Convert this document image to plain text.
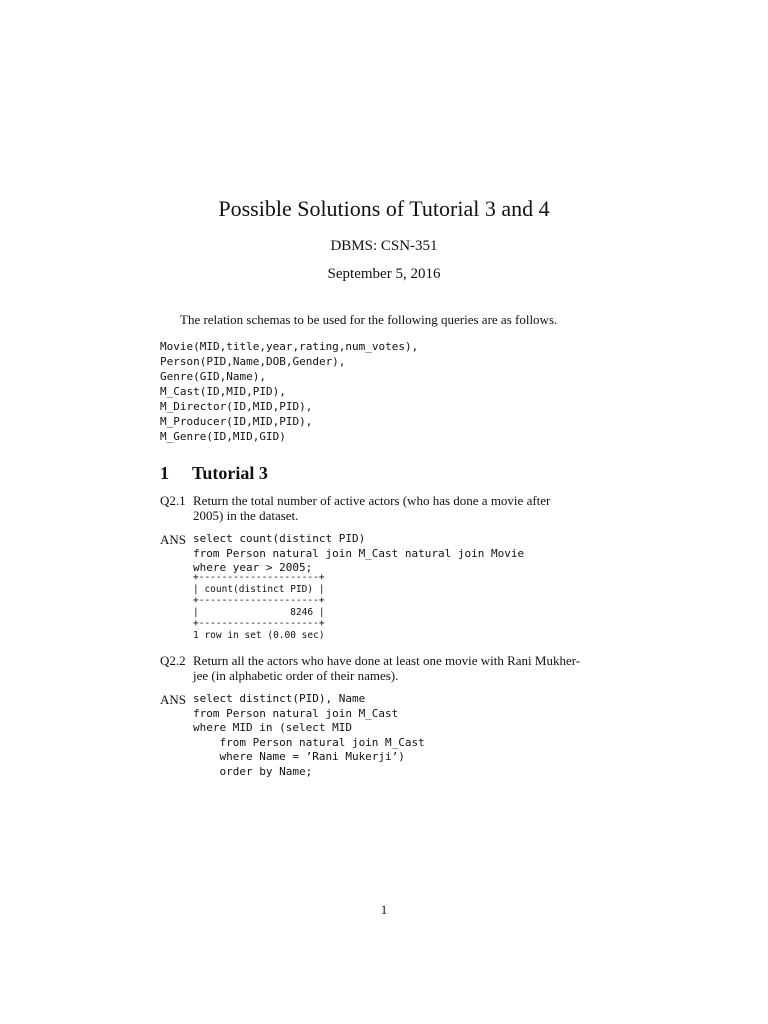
Possible Solutions of Tutorial 3 and 4
DBMS: CSN-351
September 5, 2016
The relation schemas to be used for the following queries are as follows.
Movie(MID,title,year,rating,num_votes),
Person(PID,Name,DOB,Gender),
Genre(GID,Name),
M_Cast(ID,MID,PID),
M_Director(ID,MID,PID),
M_Producer(ID,MID,PID),
M_Genre(ID,MID,GID)
1 Tutorial 3
Q2.1 Return the total number of active actors (who has done a movie after
2005) in the dataset.
ANS select count(distinct PID)
from Person natural join M_Cast natural join Movie
where year > 2005;
+---------------------+
| count(distinct PID) |
+---------------------+
|                8246 |
+---------------------+
1 row in set (0.00 sec)
Q2.2 Return all the actors who have done at least one movie with Rani Mukher-
jee (in alphabetic order of their names).
ANS select distinct(PID), Name
from Person natural join M_Cast
where MID in (select MID
from Person natural join M_Cast
where Name = ’Rani Mukerji’)
order by Name;
1
